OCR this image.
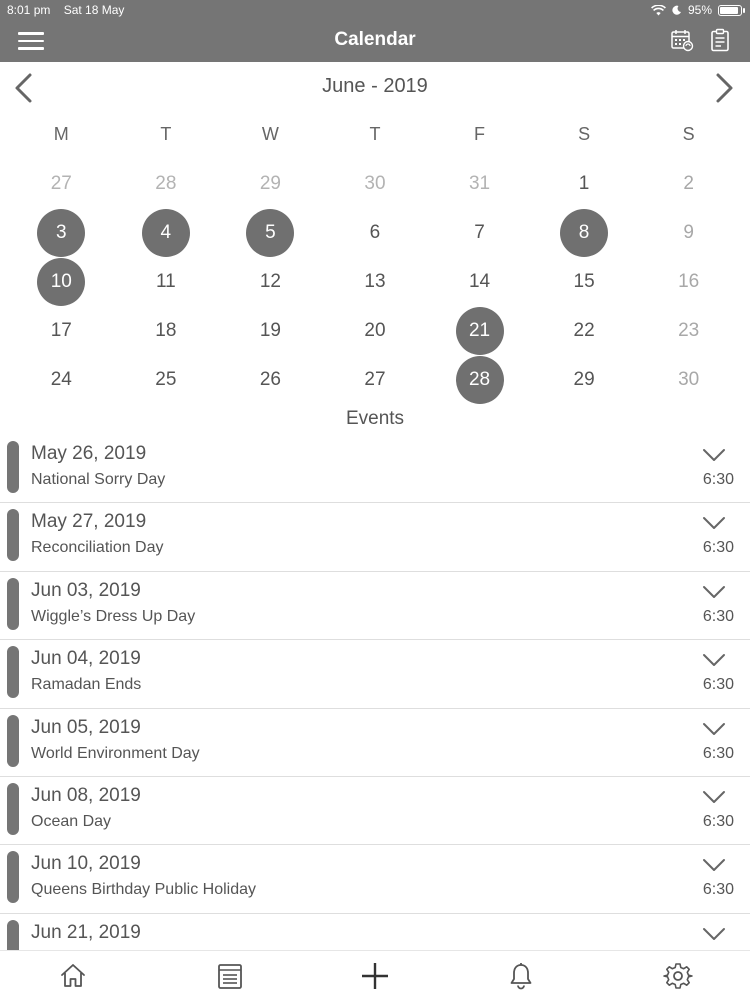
8:01 pm Sat 18 May	95%
Calendar
June - 2019
M	T	W	T	F	S	S
27	28	29	30	31	1	2
3	4	5	6	7	8	9
10	11	12	13	14	15	16
17	18	19	20	21	22	23
24	25	26	27	28	29	30
Events
May 26, 2019
National Sorry Day	6:30
May 27, 2019
Reconciliation Day	6:30
Jun 03, 2019
Wiggle’s Dress Up Day	6:30
Jun 04, 2019
Ramadan Ends	6:30
Jun 05, 2019
World Environment Day	6:30
Jun 08, 2019
Ocean Day	6:30
Jun 10, 2019
Queens Birthday Public Holiday	6:30
Jun 21, 2019
